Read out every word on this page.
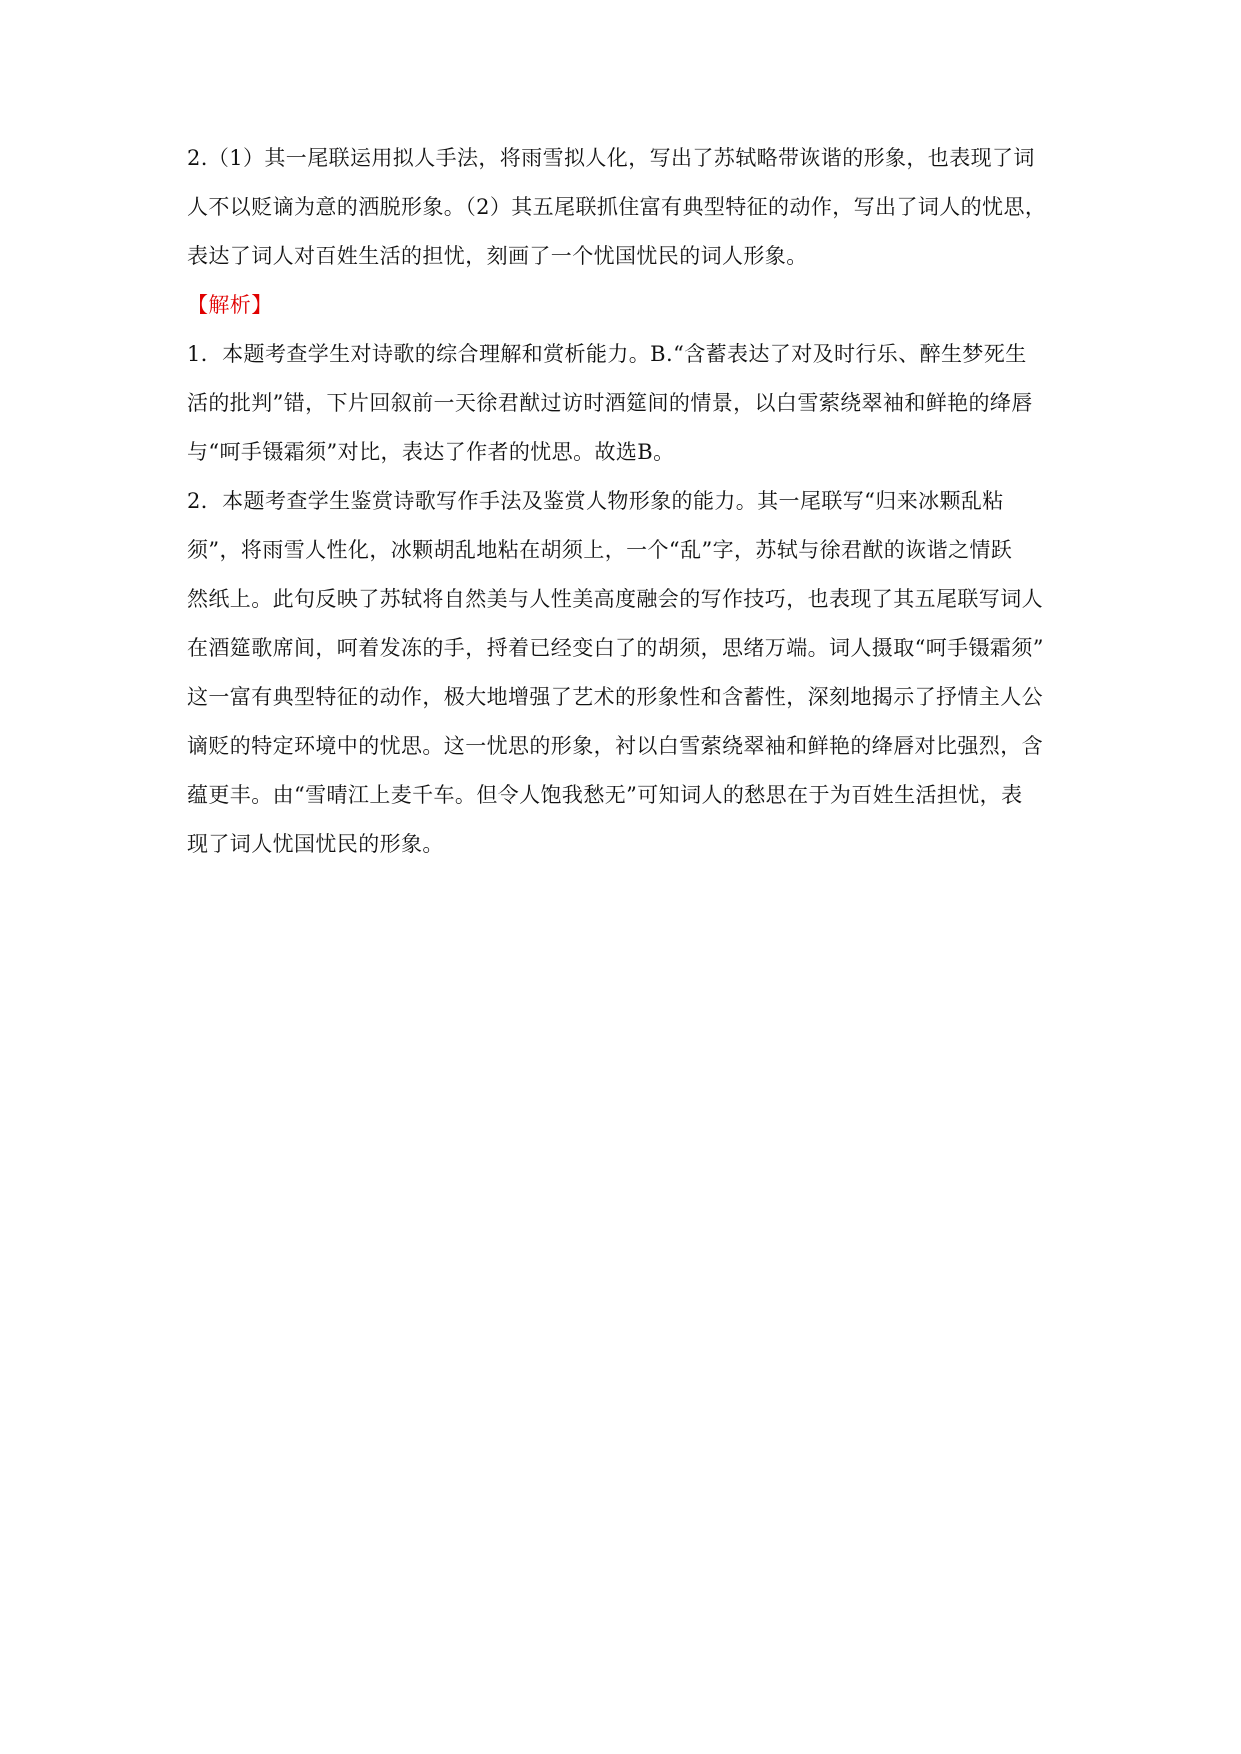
2.（1）其一尾联运用拟人手法，将雨雪拟人化，写出了苏轼略带诙谐的形象，也表现了词
人不以贬谪为意的洒脱形象。（2）其五尾联抓住富有典型特征的动作，写出了词人的忧思，
表达了词人对百姓生活的担忧，刻画了一个忧国忧民的词人形象。
【解析】
1．本题考查学生对诗歌的综合理解和赏析能力。B.“含蓄表达了对及时行乐、醉生梦死生
活的批判”错，下片回叙前一天徐君猷过访时酒筵间的情景，以白雪萦绕翠袖和鲜艳的绛唇
与“呵手镊霜须”对比，表达了作者的忧思。故选B。
2．本题考查学生鉴赏诗歌写作手法及鉴赏人物形象的能力。其一尾联写“归来冰颗乱粘
须”，将雨雪人性化，冰颗胡乱地粘在胡须上，一个“乱”字，苏轼与徐君猷的诙谐之情跃
然纸上。此句反映了苏轼将自然美与人性美高度融会的写作技巧，也表现了其五尾联写词人
在酒筵歌席间，呵着发冻的手，捋着已经变白了的胡须，思绪万端。词人摄取“呵手镊霜须”
这一富有典型特征的动作，极大地增强了艺术的形象性和含蓄性，深刻地揭示了抒情主人公
谪贬的特定环境中的忧思。这一忧思的形象，衬以白雪萦绕翠袖和鲜艳的绛唇对比强烈，含
蕴更丰。由“雪晴江上麦千车。但令人饱我愁无”可知词人的愁思在于为百姓生活担忧，表
现了词人忧国忧民的形象。
